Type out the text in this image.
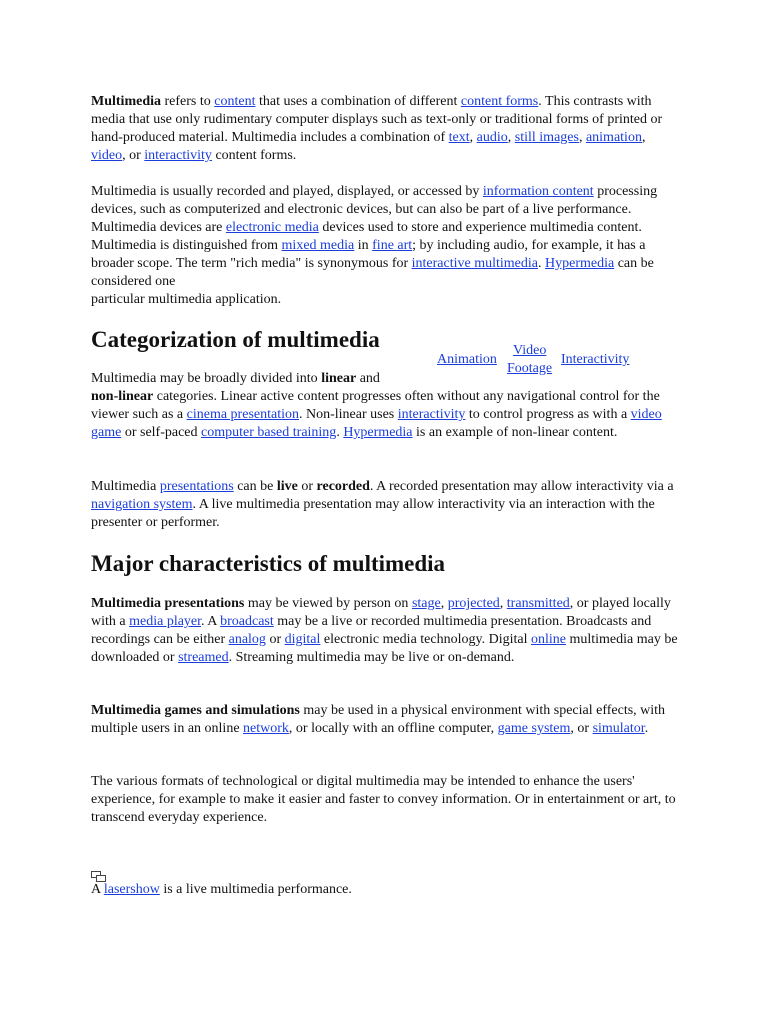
Multimedia refers to content that uses a combination of different content forms. This contrasts with media that use only rudimentary computer displays such as text-only or traditional forms of printed or hand-produced material. Multimedia includes a combination of text, audio, still images, animation, video, or interactivity content forms.

Multimedia is usually recorded and played, displayed, or accessed by information content processing devices, such as computerized and electronic devices, but can also be part of a live performance. Multimedia devices are electronic media devices used to store and experience multimedia content. Multimedia is distinguished from mixed media in fine art; by including audio, for example, it has a broader scope. The term "rich media" is synonymous for interactive multimedia. Hypermedia can be considered one
particular multimedia application.

Categorization of multimedia
Animation
Video
Footage
Interactivity

Multimedia may be broadly divided into linear and
non-linear categories. Linear active content progresses often without any navigational control for the viewer such as a cinema presentation. Non-linear uses interactivity to control progress as with a video game or self-paced computer based training. Hypermedia is an example of non-linear content.

Multimedia presentations can be live or recorded. A recorded presentation may allow interactivity via a navigation system. A live multimedia presentation may allow interactivity via an interaction with the presenter or performer.

Major characteristics of multimedia

Multimedia presentations may be viewed by person on stage, projected, transmitted, or played locally with a media player. A broadcast may be a live or recorded multimedia presentation. Broadcasts and recordings can be either analog or digital electronic media technology. Digital online multimedia may be downloaded or streamed. Streaming multimedia may be live or on-demand.

Multimedia games and simulations may be used in a physical environment with special effects, with multiple users in an online network, or locally with an offline computer, game system, or simulator.

The various formats of technological or digital multimedia may be intended to enhance the users' experience, for example to make it easier and faster to convey information. Or in entertainment or art, to transcend everyday experience.

A lasershow is a live multimedia performance.
